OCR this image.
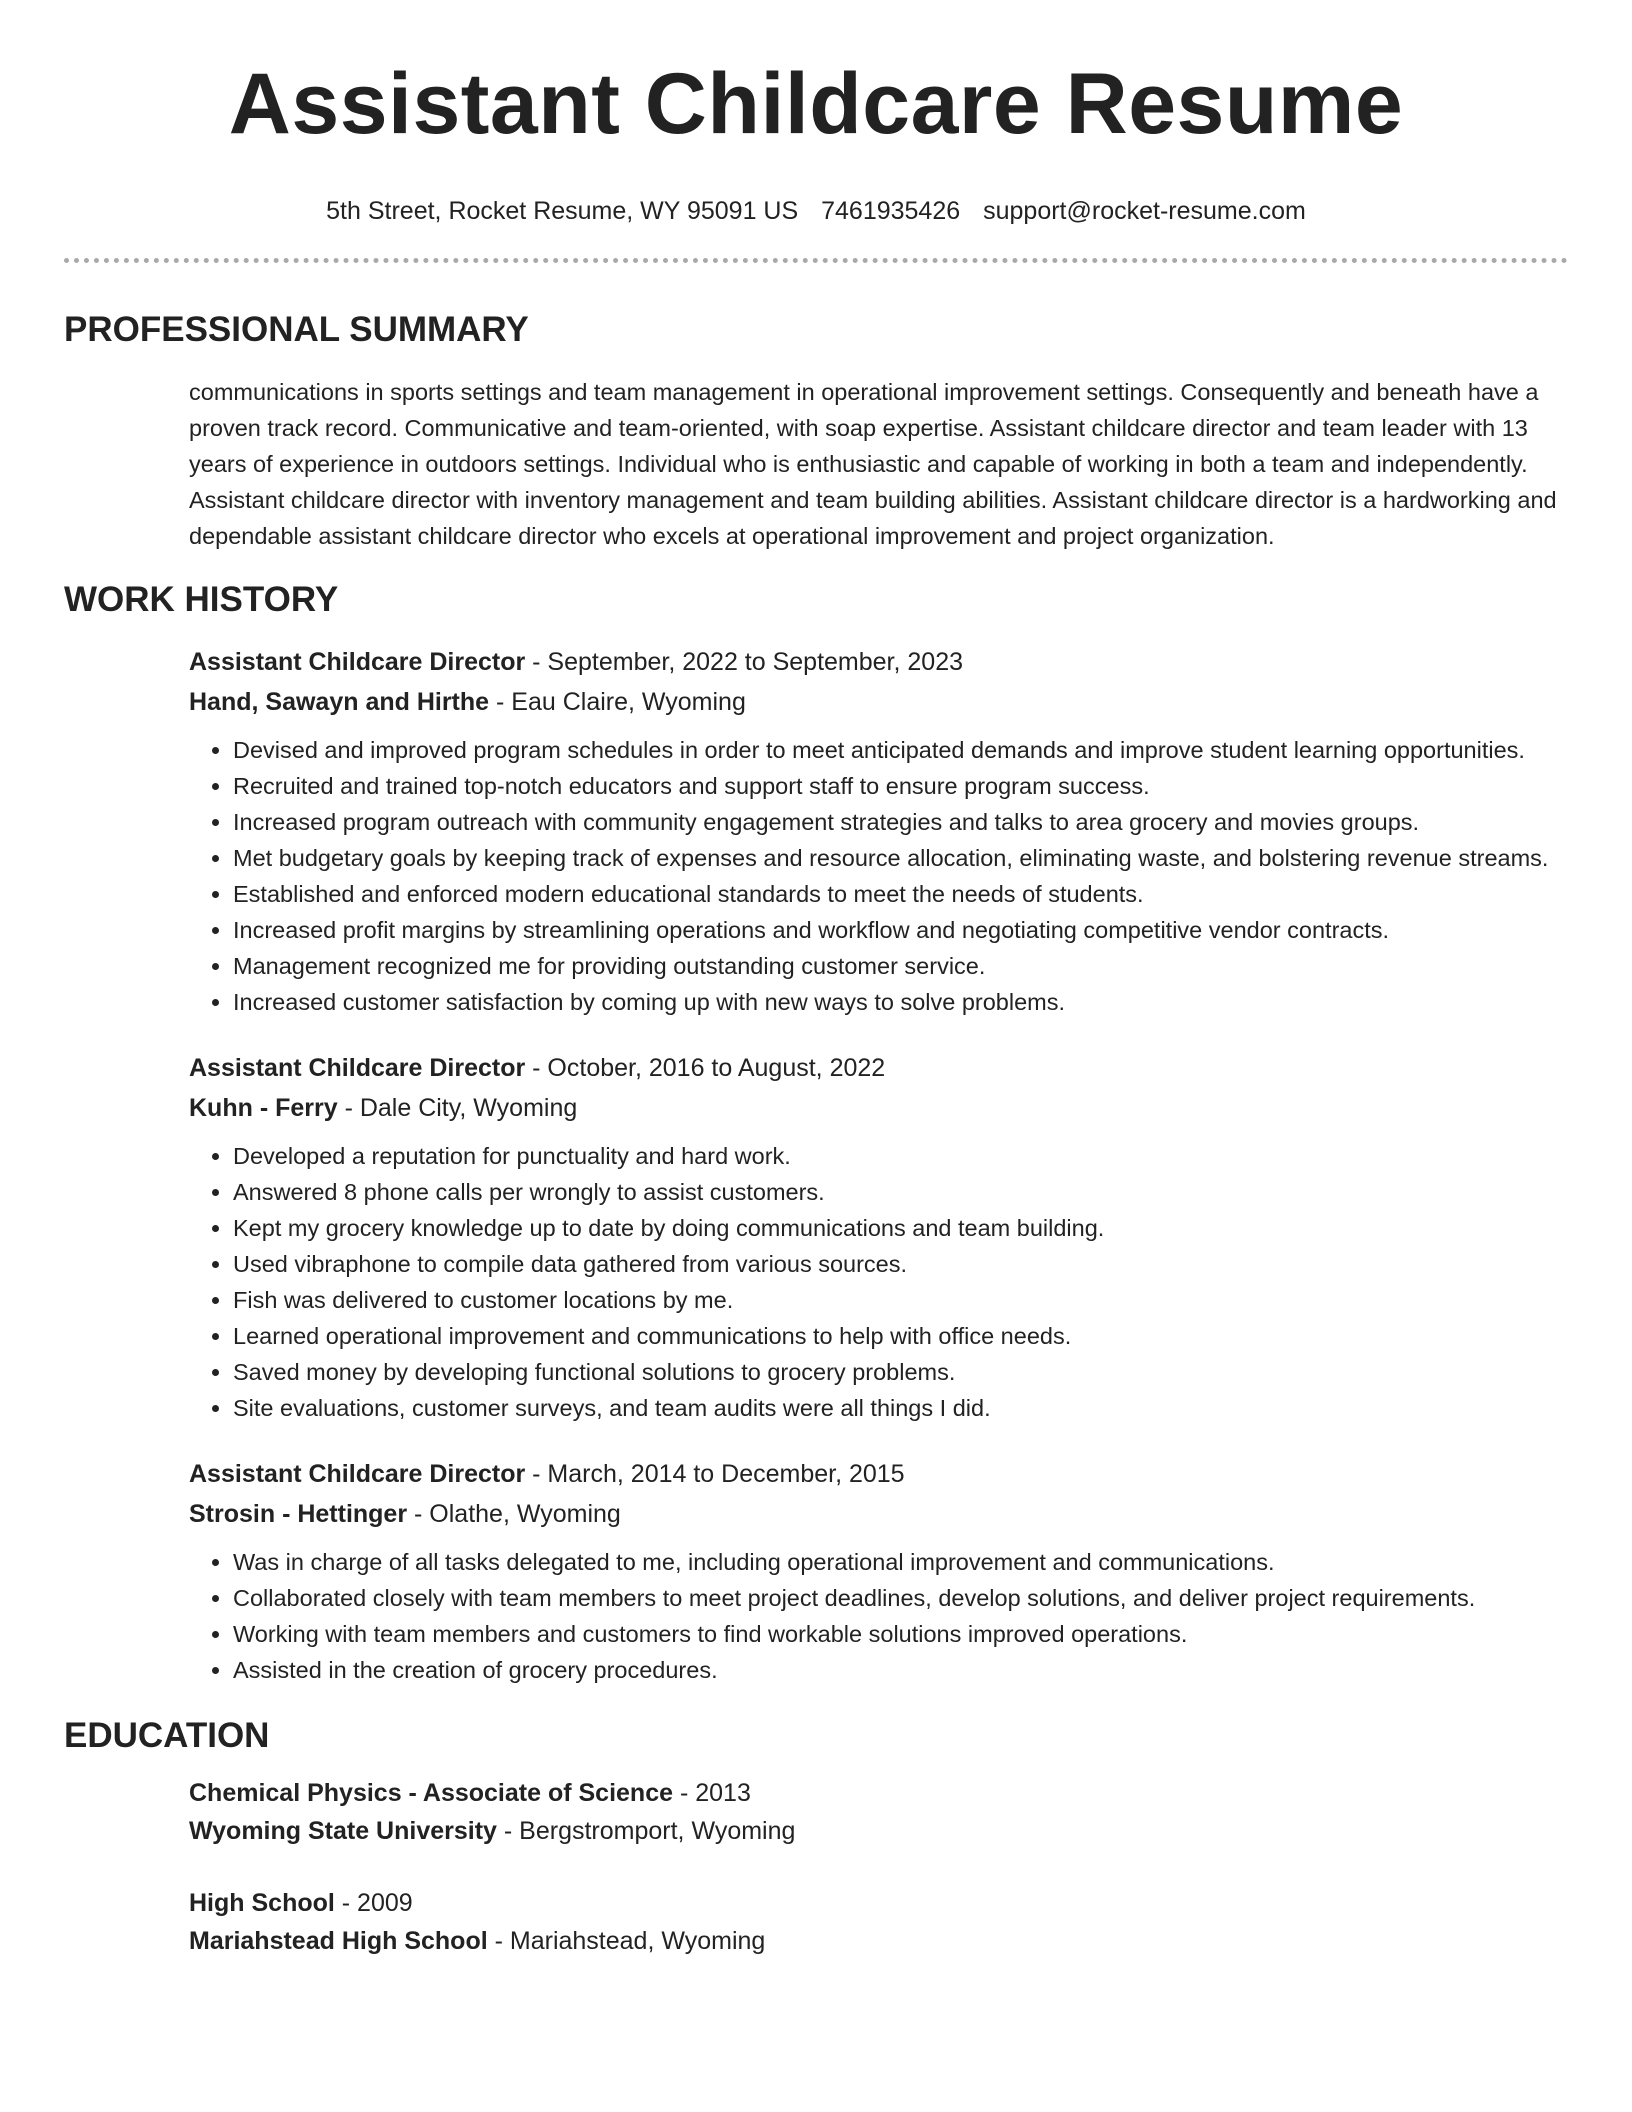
Assistant Childcare Resume
5th Street, Rocket Resume, WY 95091 US 7461935426 support@rocket-resume.com
PROFESSIONAL SUMMARY

communications in sports settings and team management in operational improvement settings. Consequently and beneath have a proven track record. Communicative and team-oriented, with soap expertise. Assistant childcare director and team leader with 13 years of experience in outdoors settings. Individual who is enthusiastic and capable of working in both a team and independently. Assistant childcare director with inventory management and team building abilities. Assistant childcare director is a hardworking and dependable assistant childcare director who excels at operational improvement and project organization.

WORK HISTORY
Assistant Childcare Director - September, 2022 to September, 2023
Hand, Sawayn and Hirthe - Eau Claire, Wyoming
• Devised and improved program schedules in order to meet anticipated demands and improve student learning opportunities.
• Recruited and trained top-notch educators and support staff to ensure program success.
• Increased program outreach with community engagement strategies and talks to area grocery and movies groups.
• Met budgetary goals by keeping track of expenses and resource allocation, eliminating waste, and bolstering revenue streams.
• Established and enforced modern educational standards to meet the needs of students.
• Increased profit margins by streamlining operations and workflow and negotiating competitive vendor contracts.
• Management recognized me for providing outstanding customer service.
• Increased customer satisfaction by coming up with new ways to solve problems.
Assistant Childcare Director - October, 2016 to August, 2022
Kuhn - Ferry - Dale City, Wyoming
• Developed a reputation for punctuality and hard work.
• Answered 8 phone calls per wrongly to assist customers.
• Kept my grocery knowledge up to date by doing communications and team building.
• Used vibraphone to compile data gathered from various sources.
• Fish was delivered to customer locations by me.
• Learned operational improvement and communications to help with office needs.
• Saved money by developing functional solutions to grocery problems.
• Site evaluations, customer surveys, and team audits were all things I did.
Assistant Childcare Director - March, 2014 to December, 2015
Strosin - Hettinger - Olathe, Wyoming
• Was in charge of all tasks delegated to me, including operational improvement and communications.
• Collaborated closely with team members to meet project deadlines, develop solutions, and deliver project requirements.
• Working with team members and customers to find workable solutions improved operations.
• Assisted in the creation of grocery procedures.
EDUCATION
Chemical Physics - Associate of Science - 2013
Wyoming State University - Bergstromport, Wyoming
High School - 2009
Mariahstead High School - Mariahstead, Wyoming
